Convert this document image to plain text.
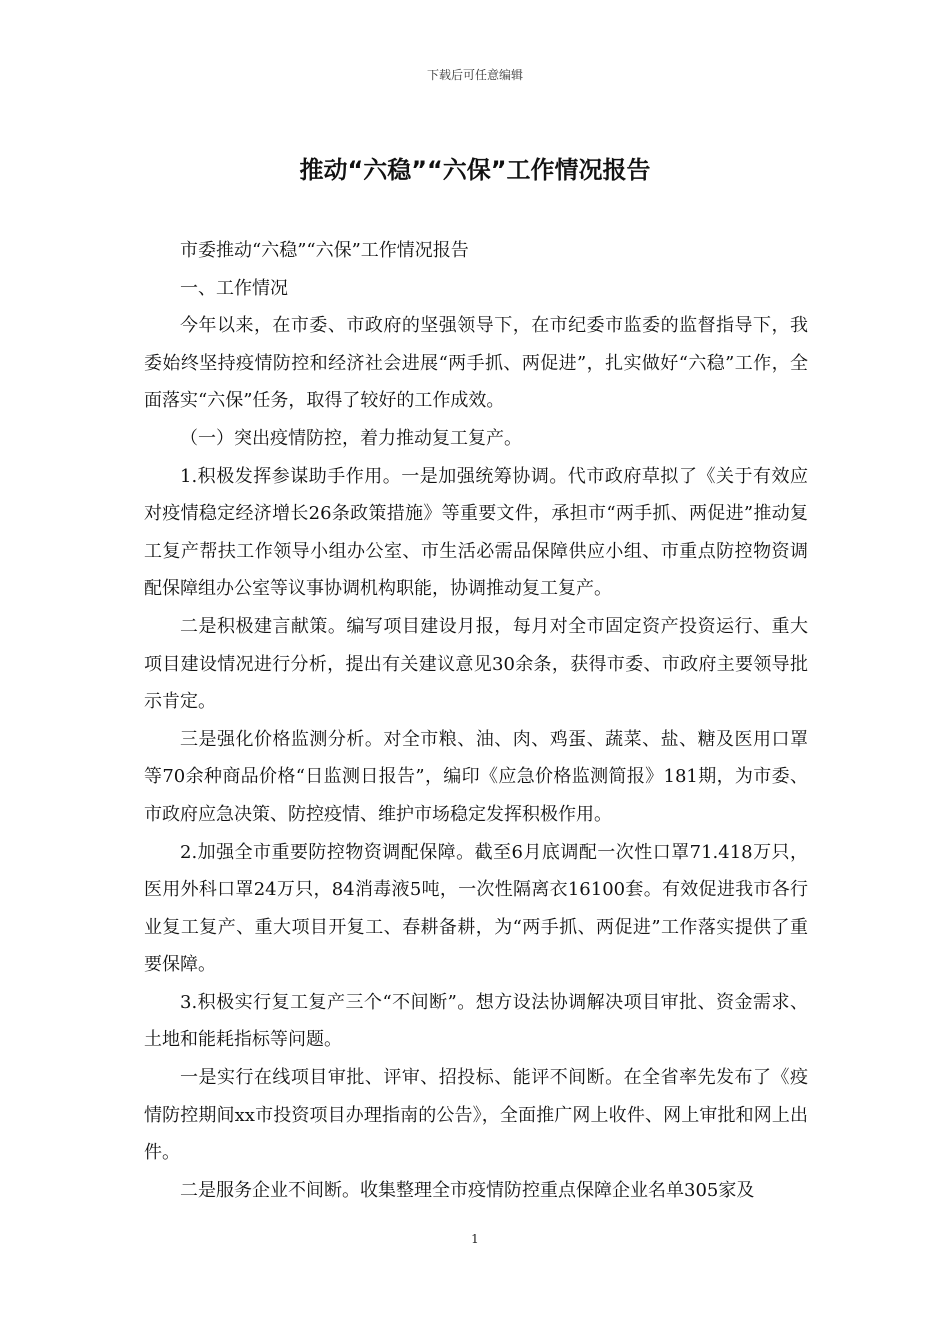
下载后可任意编辑
推动“六稳”“六保”工作情况报告

市委推动“六稳”“六保”工作情况报告

一、工作情况

今年以来，在市委、市政府的坚强领导下，在市纪委市监委的监督指导下，我委始终坚持疫情防控和经济社会进展“两手抓、两促进”，扎实做好“六稳”工作，全面落实“六保”任务，取得了较好的工作成效。

（一）突出疫情防控，着力推动复工复产。

1.积极发挥参谋助手作用。一是加强统筹协调。代市政府草拟了《关于有效应对疫情稳定经济增长26条政策措施》等重要文件，承担市“两手抓、两促进”推动复工复产帮扶工作领导小组办公室、市生活必需品保障供应小组、市重点防控物资调配保障组办公室等议事协调机构职能，协调推动复工复产。

二是积极建言献策。编写项目建设月报，每月对全市固定资产投资运行、重大项目建设情况进行分析，提出有关建议意见30余条，获得市委、市政府主要领导批示肯定。

三是强化价格监测分析。对全市粮、油、肉、鸡蛋、蔬菜、盐、糖及医用口罩等70余种商品价格“日监测日报告”，编印《应急价格监测简报》181期，为市委、市政府应急决策、防控疫情、维护市场稳定发挥积极作用。

2.加强全市重要防控物资调配保障。截至6月底调配一次性口罩71.418万只，医用外科口罩24万只，84消毒液5吨，一次性隔离衣16100套。有效促进我市各行业复工复产、重大项目开复工、春耕备耕，为“两手抓、两促进”工作落实提供了重要保障。

3.积极实行复工复产三个“不间断”。想方设法协调解决项目审批、资金需求、土地和能耗指标等问题。

一是实行在线项目审批、评审、招投标、能评不间断。在全省率先发布了《疫情防控期间xx市投资项目办理指南的公告》，全面推广网上收件、网上审批和网上出件。

二是服务企业不间断。收集整理全市疫情防控重点保障企业名单305家及

1
